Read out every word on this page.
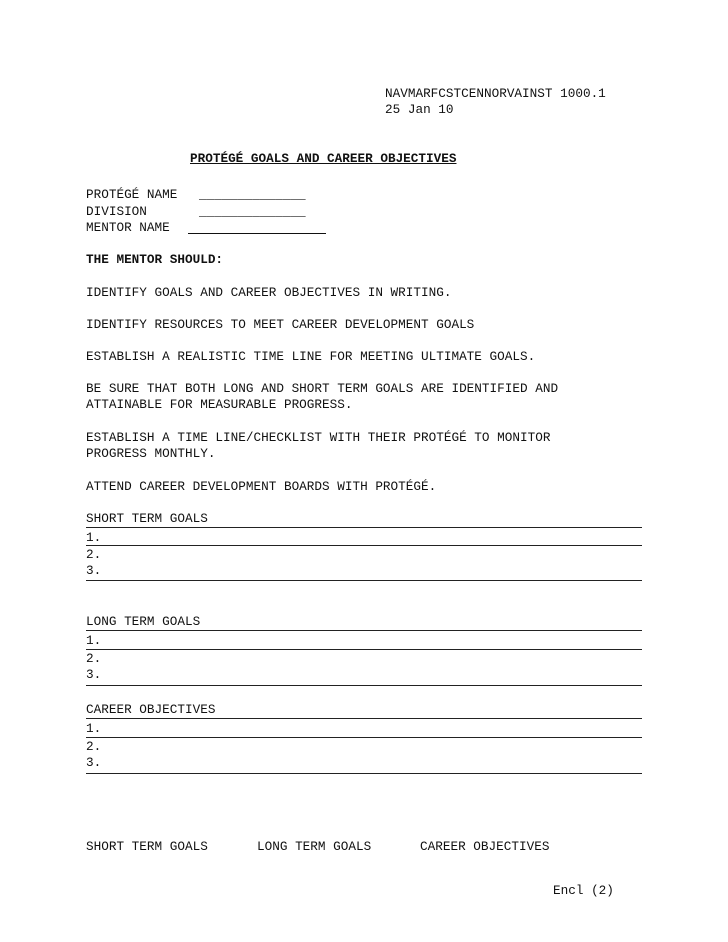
NAVMARFCSTCENNORVAINST 1000.1
25 Jan 10
PROTÉGÉ GOALS AND CAREER OBJECTIVES
PROTÉGÉ NAME ______________
DIVISION	______________
MENTOR NAME
THE MENTOR SHOULD:
IDENTIFY GOALS AND CAREER OBJECTIVES IN WRITING.
IDENTIFY RESOURCES TO MEET CAREER DEVELOPMENT GOALS
ESTABLISH A REALISTIC TIME LINE FOR MEETING ULTIMATE GOALS.
BE SURE THAT BOTH LONG AND SHORT TERM GOALS ARE IDENTIFIED AND
ATTAINABLE FOR MEASURABLE PROGRESS.
ESTABLISH A TIME LINE/CHECKLIST WITH THEIR PROTÉGÉ TO MONITOR
PROGRESS MONTHLY.
ATTEND CAREER DEVELOPMENT BOARDS WITH PROTÉGÉ.
SHORT TERM GOALS
1.
2.
3.
LONG TERM GOALS
1.
2.
3.
CAREER OBJECTIVES
1.
2.
3.
SHORT TERM GOALS	LONG TERM GOALS	CAREER OBJECTIVES
Encl (2)
